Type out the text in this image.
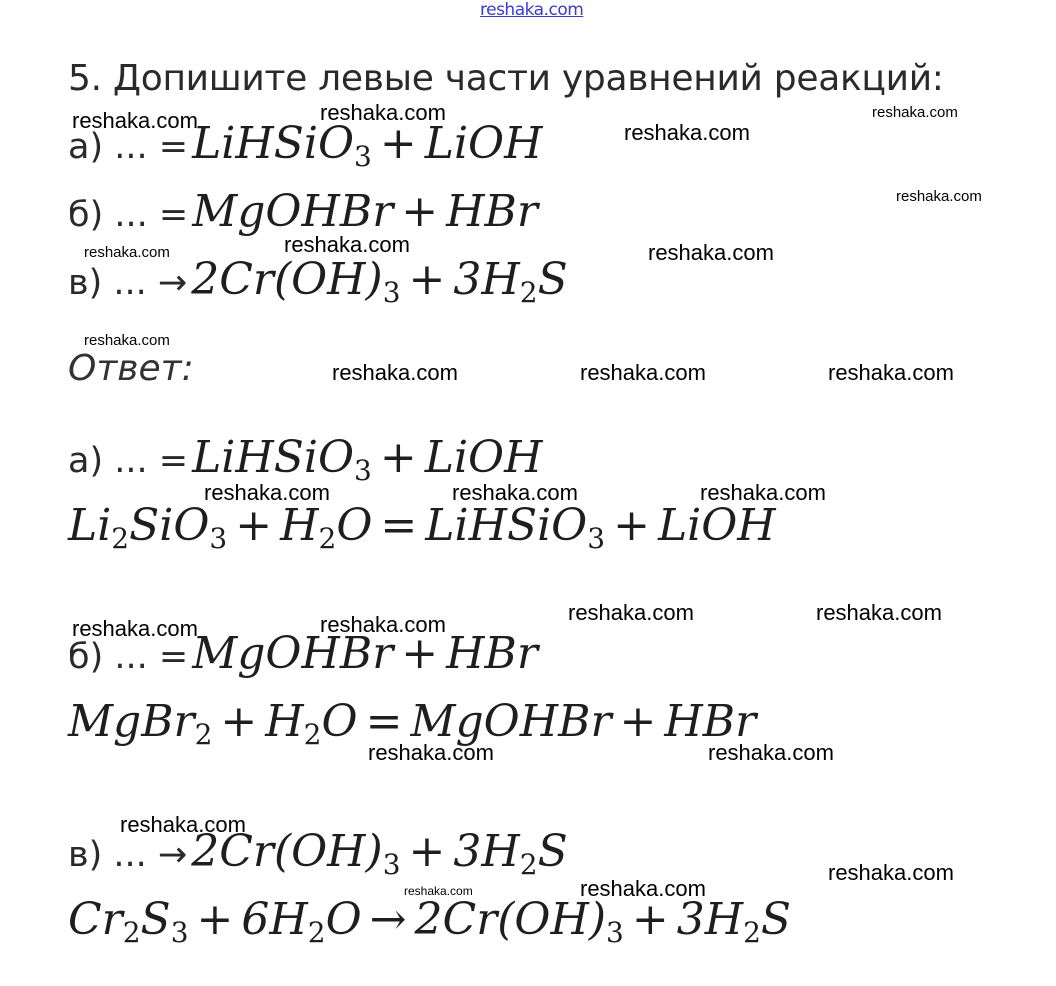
reshaka.com
5. Допишите левые части уравнений реакций:
а) ... = LiHSiO$_3$ + LiOH
б) ... = MgOHBr + HBr
в) ... → $2Cr(OH)_3 + 3H_2S$
Ответ:
а) ... = LiHSiO$_3$ + LiOH
$Li_2SiO_3 + H_2O$ = LiHSiO$_3$ + LiOH
б) ... = MgOHBr + HBr
MgBr$_2$ + $H_2O$ = MgOHBr + HBr
в) ... → $2Cr(OH)_3 + 3H_2S$
$Cr_2S_3 + 6H_2O \to 2Cr(OH)_3 + 3H_2S$
reshaka.com	reshaka.com
reshaka.com
reshaka.com
reshaka.com
reshaka.com	reshaka.com	reshaka.com
reshaka.com
reshaka.com	reshaka.com	reshaka.com
reshaka.com	reshaka.com	reshaka.com
reshaka.com	reshaka.com
reshaka.com	reshaka.com
reshaka.com	reshaka.com
reshaka.com
reshaka.com
reshaka.com	reshaka.com
